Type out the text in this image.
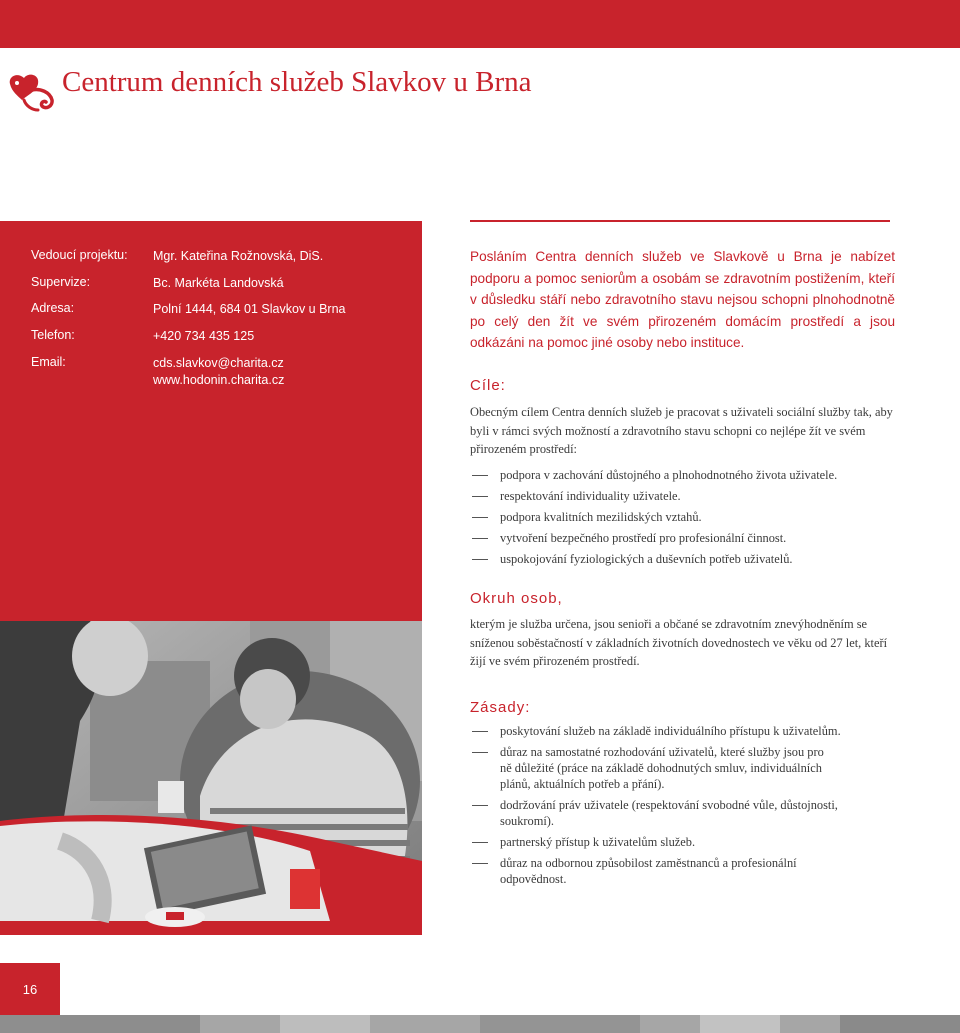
Centrum denních služeb Slavkov u Brna
Vedoucí projektu:	Mgr. Kateřina Rožnovská, DiS.
Supervize:	Bc. Markéta Landovská
Adresa:	Polní 1444, 684 01 Slavkov u Brna
Telefon:	+420 734 435 125
Email:	cds.slavkov@charita.cz
www.hodonin.charita.cz
Posláním Centra denních služeb ve Slavkově u Brna je nabízet podporu a pomoc seniorům a osobám se zdravotním postižením, kteří v důsledku stáří nebo zdravotního stavu nejsou schopni plnohodnotně po celý den žít ve svém přirozeném domácím prostředí a jsou odkázáni na pomoc jiné osoby nebo instituce.
Cíle:
Obecným cílem Centra denních služeb je pracovat s uživateli sociální služby tak, aby byli v rámci svých možností a zdravotního stavu schopni co nejlépe žít ve svém přirozeném prostředí:
podpora v zachování důstojného a plnohodnotného života uživatele.
respektování individuality uživatele.
podpora kvalitních mezilidských vztahů.
vytvoření bezpečného prostředí pro profesionální činnost.
uspokojování fyziologických a duševních potřeb uživatelů.
Okruh osob,
kterým je služba určena, jsou senioři a občané se zdravotním znevýhodněním se sníženou soběstačností v základních životních dovednostech ve věku od 27 let, kteří žijí ve svém přirozeném prostředí.
Zásady:
poskytování služeb na základě individuálního přístupu k uživatelům.
důraz na samostatné rozhodování uživatelů, které služby jsou pro ně důležité (práce na základě dohodnutých smluv, individuálních plánů, aktuálních potřeb a přání).
dodržování práv uživatele (respektování svobodné vůle, důstojnosti, soukromí).
partnerský přístup k uživatelům služeb.
důraz na odbornou způsobilost zaměstnanců a profesionální odpovědnost.
16
